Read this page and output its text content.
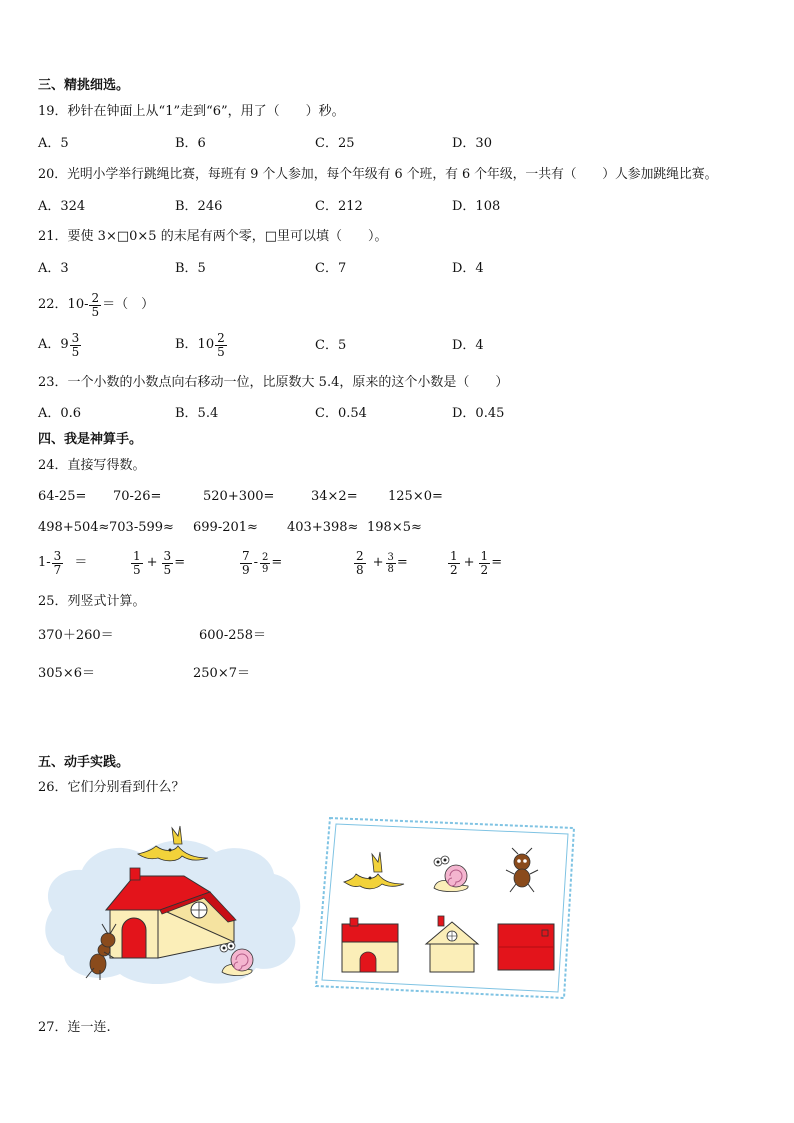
三、精挑细选。
19．秒针在钟面上从“1”走到“6”，用了（　　）秒。
A．5	B．6	C．25	D．30
20．光明小学举行跳绳比赛，每班有 9 个人参加，每个年级有 6 个班，有 6 个年级，一共有（　　）人参加跳绳比赛。
A．324	B．246	C．212	D．108
21．要使 3×□0×5 的末尾有两个零，□里可以填（　　）。
A．3	B．5	C．7	D．4
22．$10- \frac{2}{5}$ ＝（　）
A．$9 \frac{3}{5}$	B．$10 \frac{2}{5}$	C．5	D．4
23．一个小数的小数点向右移动一位，比原数大 5.4，原来的这个小数是（　　）
A．0.6	B．5.4	C．0.54	D．0.45
四、我是神算手。
24．直接写得数。
64-25= 70-26=	520+300=	34×2= 125×0=
498+504≈ 703-599≈ 699-201≈ 403+398≈ 198×5≈
$1- \frac{3}{7}$ ＝	$\frac{1}{5} + \frac{3}{5}$ =	$\frac{7}{9} - \frac{2}{9}$ =	$\frac{2}{8} + \frac{3}{8}$ =	$\frac{1}{2} + \frac{1}{2}$ =
25．列竖式计算。
370＋260＝	600-258＝
305×6＝	250×7＝
五、动手实践。
26．它们分别看到什么？
27．连一连.
